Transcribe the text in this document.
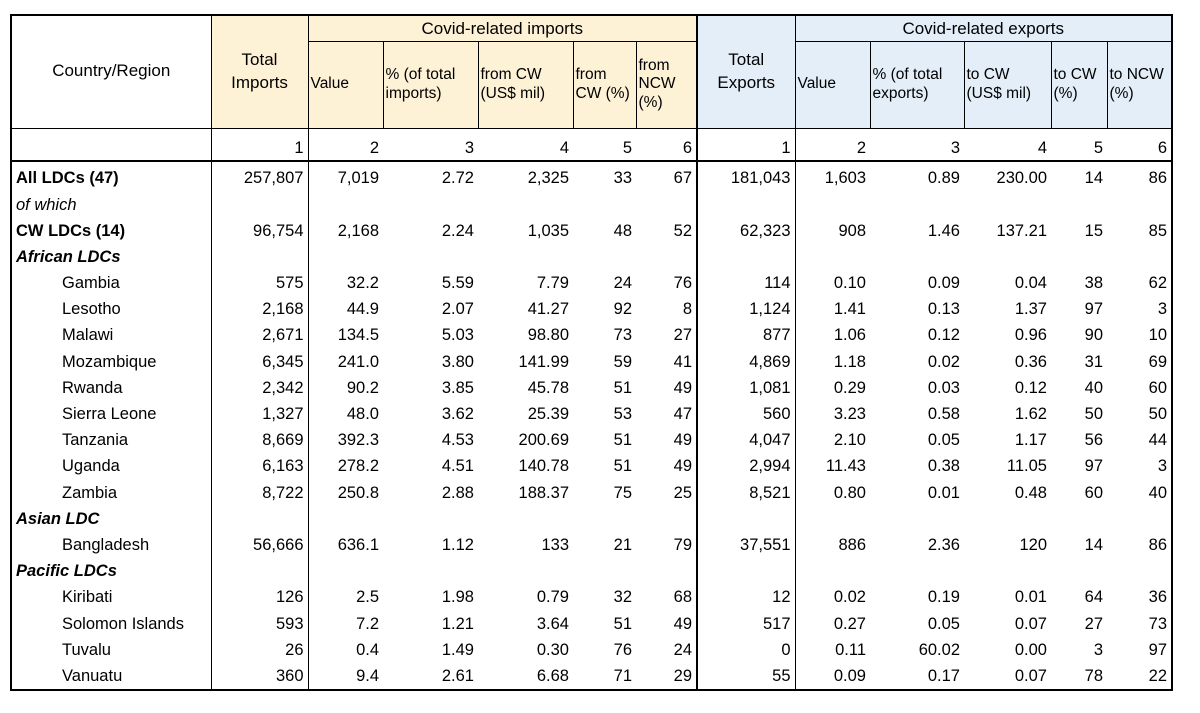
Country/Region	Total Imports	Covid-related imports					Total Exports	Covid-related exports				
		Value	% (of total imports)	from CW (US$ mil)	from CW (%)	from NCW (%)		Value	% (of total exports)	to CW (US$ mil)	to CW (%)	to NCW (%)
	1	2	3	4	5	6	1	2	3	4	5	6

All LDCs (47)	257,807	7,019	2.72	2,325	33	67	181,043	1,603	0.89	230.00	14	86
of which												
CW LDCs (14)	96,754	2,168	2.24	1,035	48	52	62,323	908	1.46	137.21	15	85
African LDCs												
Gambia	575	32.2	5.59	7.79	24	76	114	0.10	0.09	0.04	38	62
Lesotho	2,168	44.9	2.07	41.27	92	8	1,124	1.41	0.13	1.37	97	3
Malawi	2,671	134.5	5.03	98.80	73	27	877	1.06	0.12	0.96	90	10
Mozambique	6,345	241.0	3.80	141.99	59	41	4,869	1.18	0.02	0.36	31	69
Rwanda	2,342	90.2	3.85	45.78	51	49	1,081	0.29	0.03	0.12	40	60
Sierra Leone	1,327	48.0	3.62	25.39	53	47	560	3.23	0.58	1.62	50	50
Tanzania	8,669	392.3	4.53	200.69	51	49	4,047	2.10	0.05	1.17	56	44
Uganda	6,163	278.2	4.51	140.78	51	49	2,994	11.43	0.38	11.05	97	3
Zambia	8,722	250.8	2.88	188.37	75	25	8,521	0.80	0.01	0.48	60	40
Asian LDC												
Bangladesh	56,666	636.1	1.12	133	21	79	37,551	886	2.36	120	14	86
Pacific LDCs												
Kiribati	126	2.5	1.98	0.79	32	68	12	0.02	0.19	0.01	64	36
Solomon Islands	593	7.2	1.21	3.64	51	49	517	0.27	0.05	0.07	27	73
Tuvalu	26	0.4	1.49	0.30	76	24	0	0.11	60.02	0.00	3	97
Vanuatu	360	9.4	2.61	6.68	71	29	55	0.09	0.17	0.07	78	22
